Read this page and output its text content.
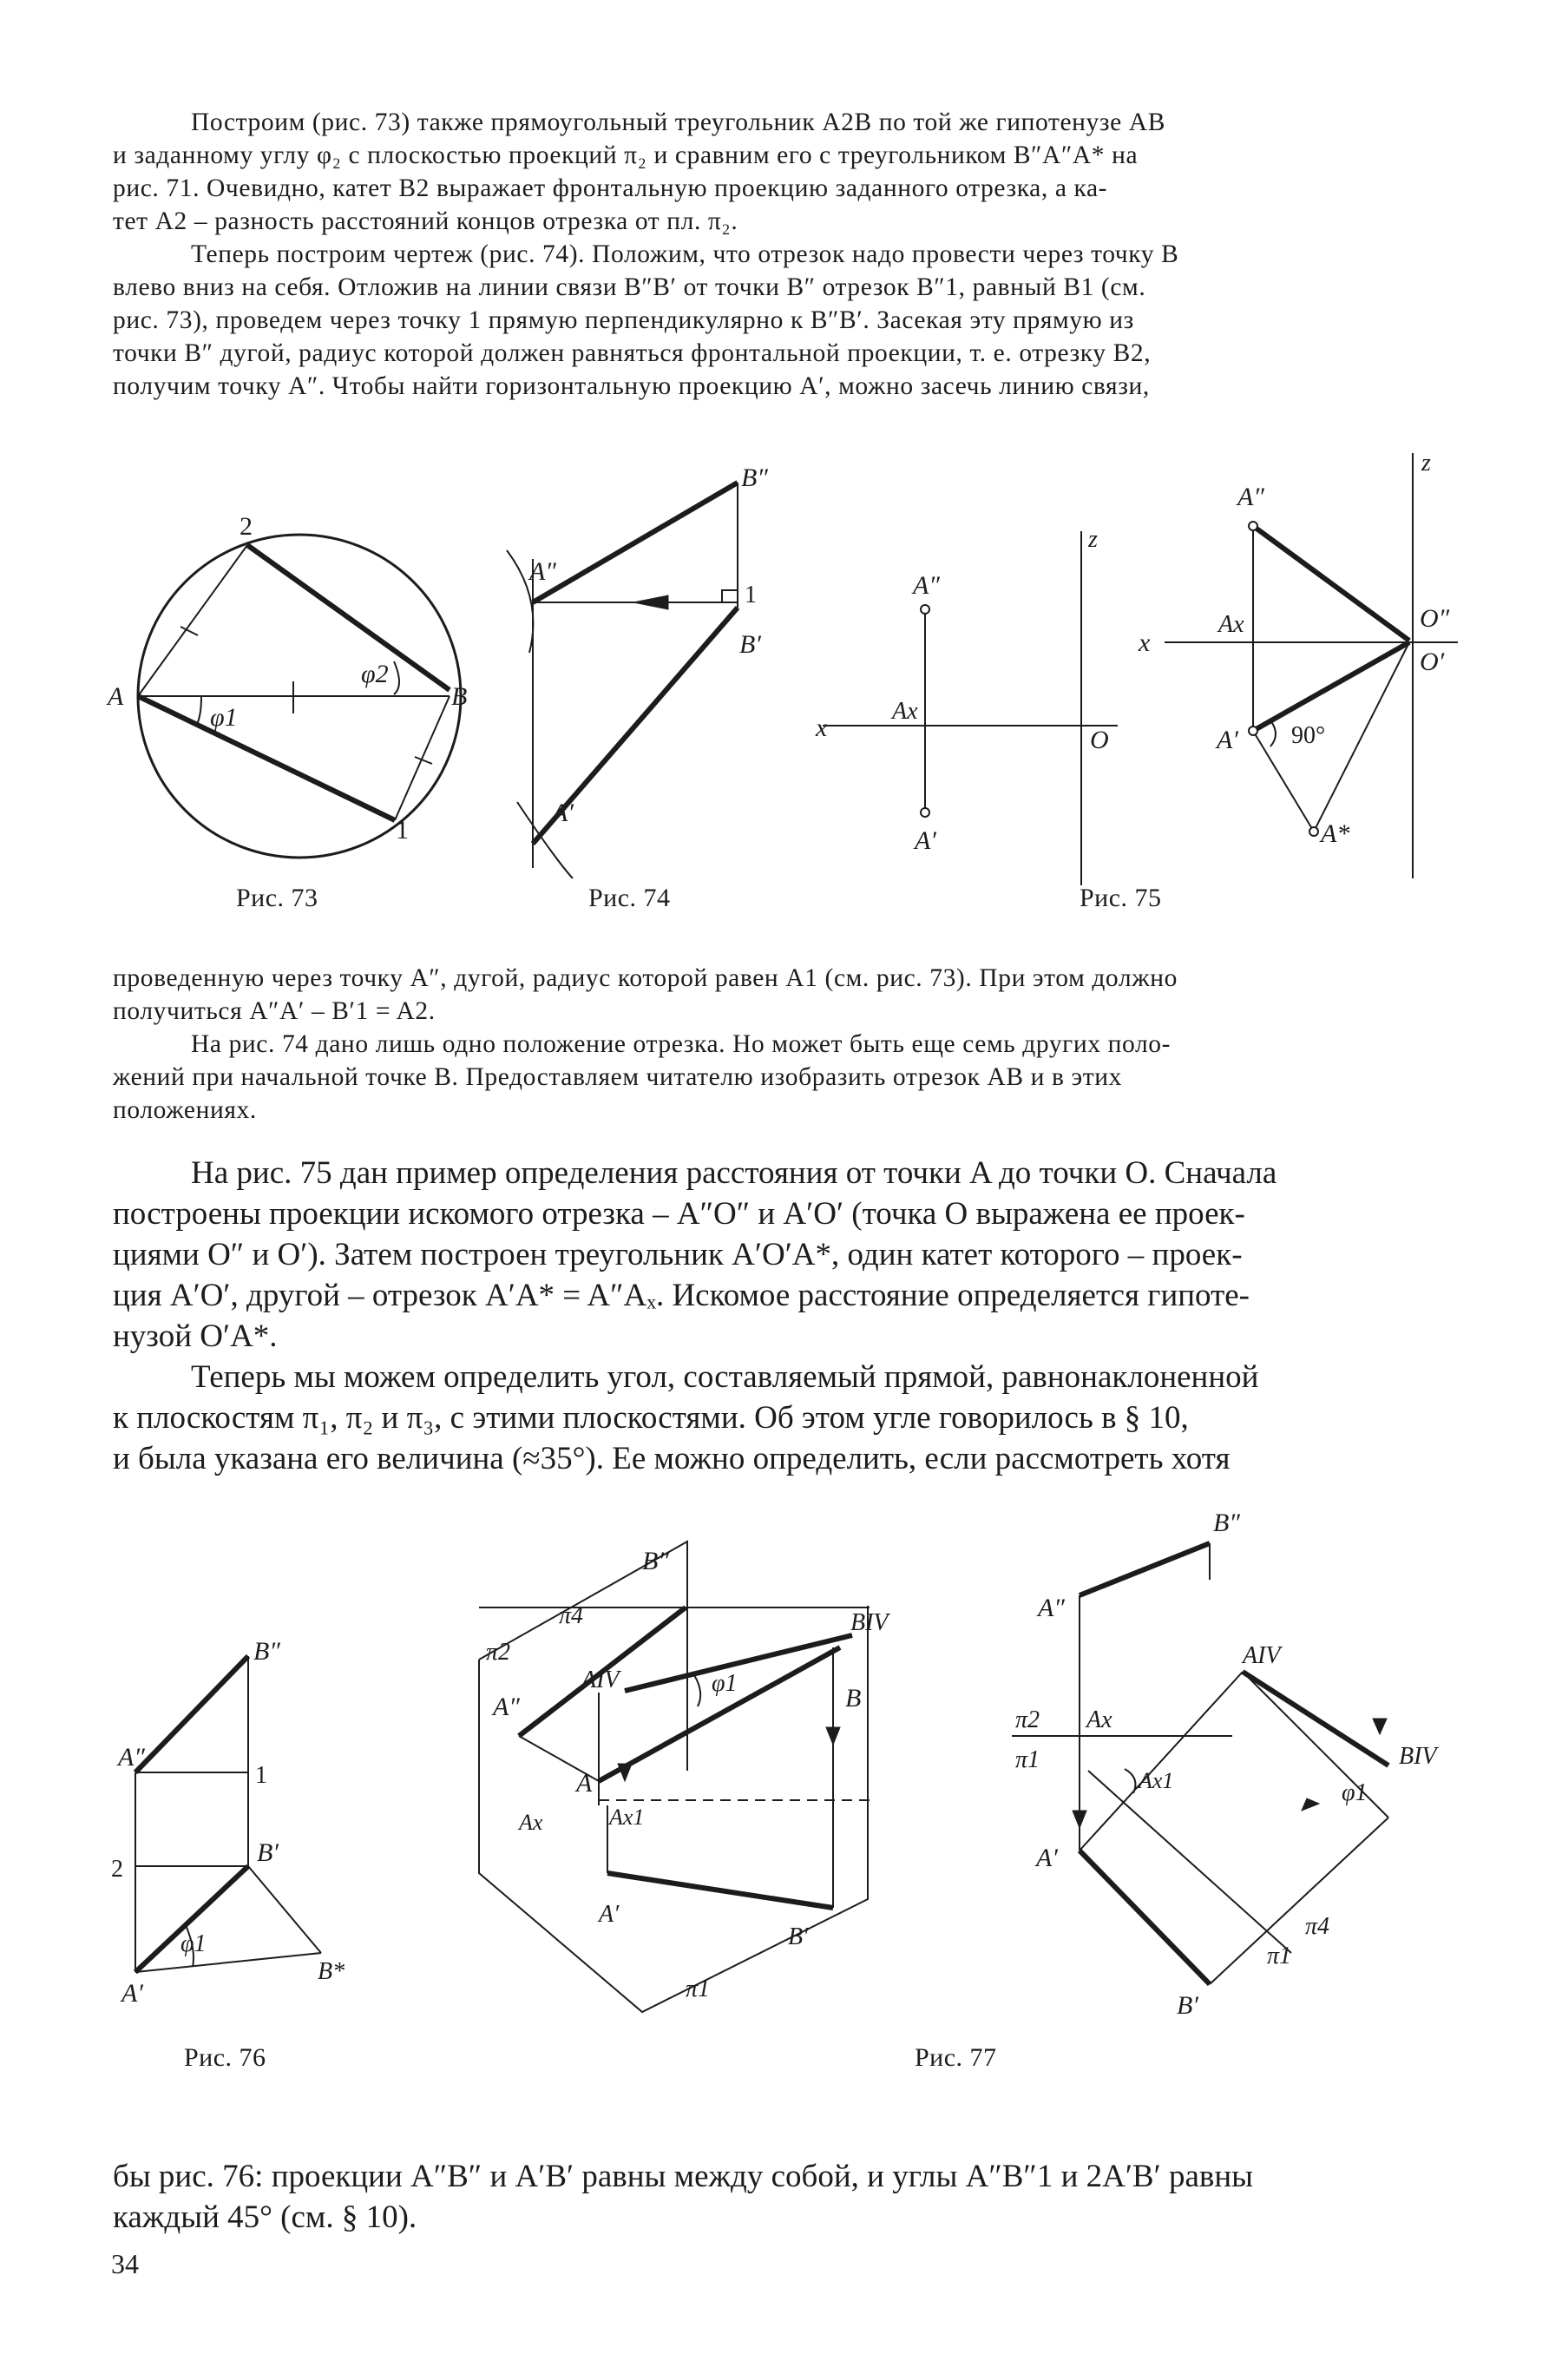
Построим (рис. 73) также прямоугольный треугольник A2B по той же гипотенузе AB
и заданному углу φ₂ с плоскостью проекций π₂ и сравним его с треугольником B″A″A* на
рис. 71. Очевидно, катет B2 выражает фронтальную проекцию заданного отрезка, а ка-
тет A2 – разность расстояний концов отрезка от пл. π₂.
Теперь построим чертеж (рис. 74). Положим, что отрезок надо провести через точку B
влево вниз на себя. Отложив на линии связи B″B′ от точки B″ отрезок B″1, равный B1 (см.
рис. 73), проведем через точку 1 прямую перпендикулярно к B″B′. Засекая эту прямую из
точки B″ дугой, радиус которой должен равняться фронтальной проекции, т. е. отрезку B2,
получим точку A″. Чтобы найти горизонтальную проекцию A′, можно засечь линию связи,
A	B
2
1
φ1
φ2
B″
A″
1
B′
A′
A″
z
Ax
x	O
A′
z
A″
Ax
x
O″
O′
A′ 90°
A*
Рис. 73	Рис. 74	Рис. 75
проведенную через точку A″, дугой, радиус которой равен A1 (см. рис. 73). При этом должно
получиться A″A′ – B′1 = A2.
На рис. 74 дано лишь одно положение отрезка. Но может быть еще семь других поло-
жений при начальной точке B. Предоставляем читателю изобразить отрезок AB и в этих
положениях.
На рис. 75 дан пример определения расстояния от точки A до точки O. Сначала
построены проекции искомого отрезка – A″O″ и A′O′ (точка O выражена ее проек-
циями O″ и O′). Затем построен треугольник A′O′A*, один катет которого – проек-
ция A′O′, другой – отрезок A′A* = A″Aₓ. Искомое расстояние определяется гипоте-
нузой O′A*.
Теперь мы можем определить угол, составляемый прямой, равнонаклоненной
к плоскостям π₁, π₂ и π₃, с этими плоскостями. Об этом угле говорилось в § 10,
и была указана его величина (≈35°). Ее можно определить, если рассмотреть хотя
B″
A″
1
2
B′
φ1
B*
A′
π2
π4
B″
BIV
A″
AIV	φ1
B
A
Ax	Ax1
A′
B′
π1
B″
A″
AIV
π2
π1
Ax
Ax1	φ1
BIV
A′
π4
π1
B′
Рис. 76	Рис. 77
бы рис. 76: проекции A″B″ и A′B′ равны между собой, и углы A″B″1 и 2A′B′ равны
каждый 45° (см. § 10).
34
